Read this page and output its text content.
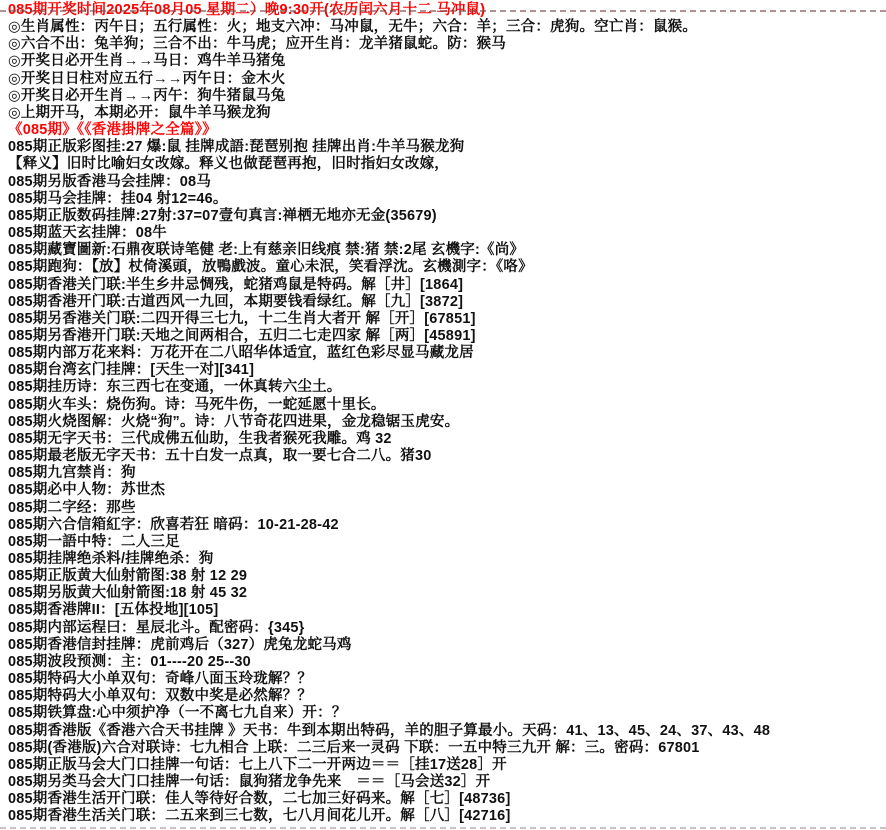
085期开奖时间2025年08月05 星期二）晚9:30开(农历闰六月十二 马冲鼠)
◎生肖属性：丙午日；五行属性：火；地支六冲：马冲鼠，无牛；六合：羊；三合：虎狗。空亡肖：鼠猴。
◎六合不出：兔羊狗；三合不出：牛马虎；应开生肖：龙羊猪鼠蛇。防：猴马
◎开奖日必开生肖→→马日：鸡牛羊马猪兔
◎开奖日日柱对应五行→→丙午日：金木火
◎开奖日必开生肖→→丙午：狗牛猪鼠马兔
◎上期开马，本期必开：鼠牛羊马猴龙狗
《085期》《《香港掛牌之全篇》》
085期正版彩图挂:27 爆:鼠 挂牌成語:琵琶别抱 挂牌出肖:牛羊马猴龙狗
【释义】旧时比喻妇女改嫁。释义也做琵琶再抱，旧时指妇女改嫁，
085期另版香港马会挂牌：08马
085期马会挂牌：挂04 射12=46。
085期正版数码挂牌:27射:37=07壹句真言:禅栖无地亦无金(35679)
085期蓝天玄挂牌：08牛
085期藏寶圖新:石鼎夜联诗笔健 老:上有慈亲旧线痕 禁:猪 禁:2尾 玄機字:《尚》
085期跑狗：【放】杖倚溪頭，放鴨戲波。童心未泯，笑看浮沈。玄機測字：《咯》
085期香港关门联:半生乡井忌惆残，蛇猪鸡鼠是特码。解［井］[1864]
085期香港开门联:古道西风一九回，本期要钱看绿红。解［九］[3872]
085期另香港关门联:二四开得三七九，十二生肖大者开 解［开］[67851]
085期另香港开门联:天地之间两相合，五归二七走四家 解［两］[45891]
085期内部万花来料：万花开在二八昭华体适宜，蓝红色彩尽显马藏龙居
085期台湾玄门挂牌：[天生一对][341]
085期挂历诗：东三西七在变通，一休真转六尘土。
085期火车头：烧伤狗。诗：马死牛伤，一蛇延愿十里长。
085期火烧图解：火烧“狗”。诗：八节奇花四进果，金龙稳锯玉虎安。
085期无字天书：三代成佛五仙助，生我者猴死我雕。鸡 32
085期最老版无字天书：五十白发一点真，取一要七合二八。猪30
085期九宫禁肖：狗
085期必中人物：苏世杰
085期二字经：那些
085期六合信箱紅字：欣喜若狂 暗码：10-21-28-42
085期一語中特：二人三足
085期挂牌绝杀料/挂牌绝杀：狗
085期正版黄大仙射箭图:38 射 12 29
085期另版黄大仙射箭图:18 射 45 32
085期香港牌II：[五体投地][105]
085期内部运程曰：星辰北斗。配密码：{345}
085期香港信封挂牌：虎前鸡后（327）虎兔龙蛇马鸡
085期波段预测：主：01----20 25--30
085期特码大小单双句：奇峰八面玉玲珑解？？
085期特码大小单双句：双数中奖是必然解？？
085期铁算盘:心中须护净（一不离七九自来）开：？
085期香港版《香港六合天书挂牌 》天书：牛到本期出特码，羊的胆子算最小。天码：41、13、45、24、37、43、48
085期(香港版)六合对联诗：七九相合 上联：二三后来一灵码 下联：一五中特三九开 解：三。密码：67801
085期正版马会大门口挂牌一句话：七上八下二一开两边＝＝［挂17送28］开
085期另类马会大门口挂牌一句话：鼠狗猪龙争先来　＝＝［马会送32］开
085期香港生活开门联：佳人等待好合数，二七加三好码来。解［七］[48736]
085期香港生活关门联：二五来到三七数，七八月间花儿开。解［八］[42716]
